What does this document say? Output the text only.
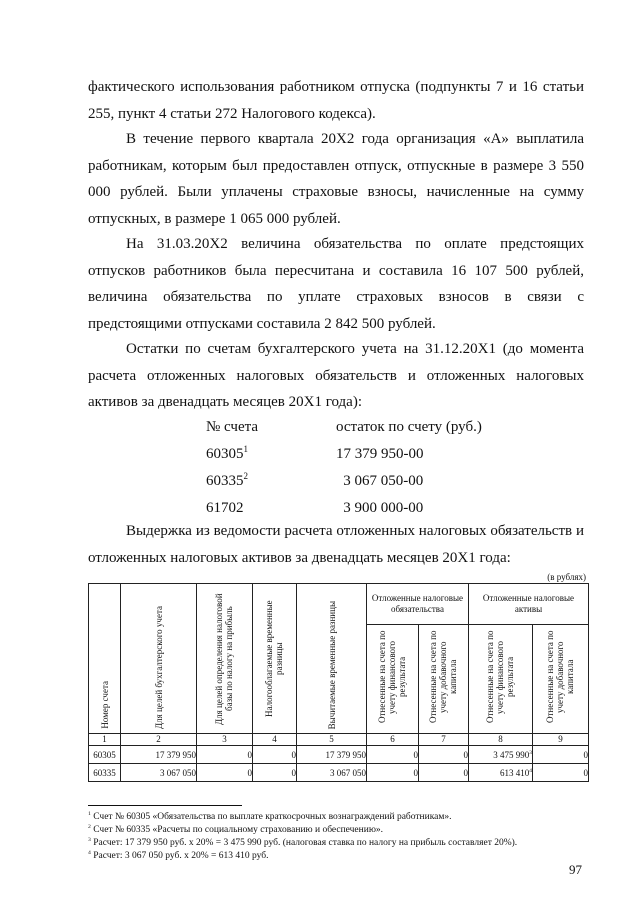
фактического использования работником отпуска (подпункты 7 и 16 статьи 255, пункт 4 статьи 272 Налогового кодекса).
В течение первого квартала 20Х2 года организация «А» выплатила работникам, которым был предоставлен отпуск, отпускные в размере 3 550 000 рублей. Были уплачены страховые взносы, начисленные на сумму отпускных, в размере 1 065 000 рублей.
На 31.03.20Х2 величина обязательства по оплате предстоящих отпусков работников была пересчитана и составила 16 107 500 рублей, величина обязательства по уплате страховых взносов в связи с предстоящими отпусками составила 2 842 500 рублей.
Остатки по счетам бухгалтерского учета на 31.12.20Х1 (до момента расчета отложенных налоговых обязательств и отложенных налоговых активов за двенадцать месяцев 20Х1 года):
№ счета	остаток по счету (руб.)
60305$^1$	17 379 950-00
60335$^2$	3 067 050-00
61702	3 900 000-00
Выдержка из ведомости расчета отложенных налоговых обязательств и отложенных налоговых активов за двенадцать месяцев 20Х1 года:
(в рублях)
Номер счета	Для целей бухгалтерского учета	Для целей определения налоговой базы по налогу на прибыль	Налогооблагаемые временные разницы	Вычитаемые временные разницы	Отложенные налоговые обязательства		Отложенные налоговые активы	

					Отнесенные на счета по учету финансового результата	Отнесенные на счета по учету добавочного капитала	Отнесенные на счета по учету финансового результата	Отнесенные на счета по учету добавочного капитала

1	2	3	4	5	6	7	8	9
60305	17 379 950	0	0	17 379 950	0	0	3 475 $990^3$	0
60335	3 067 050	0	0	3 067 050	0	0	613 $410^4$	0
$^1$ Счет № 60305 «Обязательства по выплате краткосрочных вознаграждений работникам».
$^2$ Счет № 60335 «Расчеты по социальному страхованию и обеспечению».
$^3$ Расчет: 17 379 950 руб. x 20% = 3 475 990 руб. (налоговая ставка по налогу на прибыль составляет 20%).
$^4$ Расчет: 3 067 050 руб. x 20% = 613 410 руб.
97
